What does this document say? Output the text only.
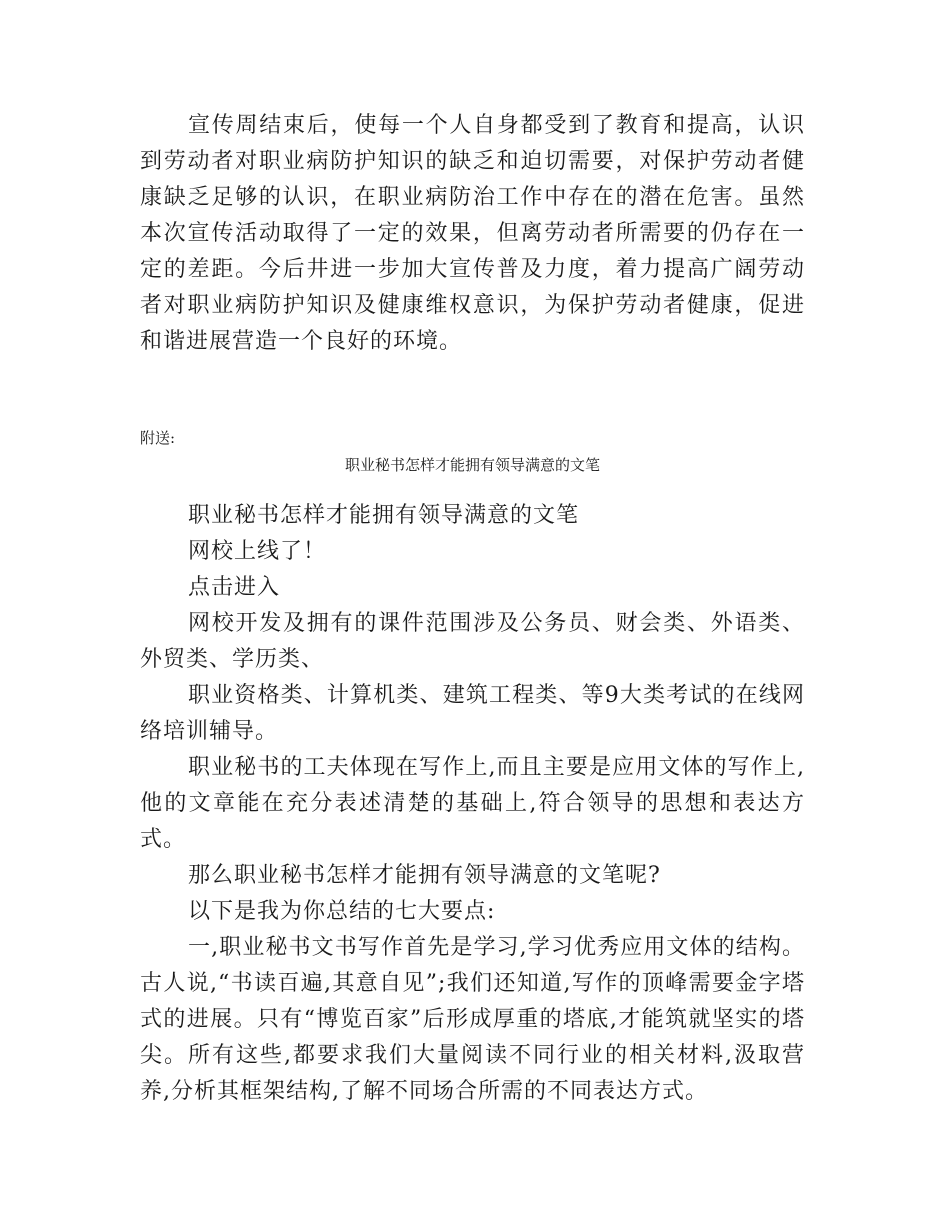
宣传周结束后，使每一个人自身都受到了教育和提高，认识到劳动者对职业病防护知识的缺乏和迫切需要，对保护劳动者健康缺乏足够的认识，在职业病防治工作中存在的潜在危害。虽然本次宣传活动取得了一定的效果，但离劳动者所需要的仍存在一定的差距。今后井进一步加大宣传普及力度，着力提高广阔劳动者对职业病防护知识及健康维权意识，为保护劳动者健康，促进和谐进展营造一个良好的环境。

附送:
职业秘书怎样才能拥有领导满意的文笔

职业秘书怎样才能拥有领导满意的文笔

网校上线了！

点击进入

网校开发及拥有的课件范围涉及公务员、财会类、外语类、外贸类、学历类、

职业资格类、计算机类、建筑工程类、等9大类考试的在线网络培训辅导。

职业秘书的工夫体现在写作上,而且主要是应用文体的写作上,他的文章能在充分表述清楚的基础上,符合领导的思想和表达方式。

那么职业秘书怎样才能拥有领导满意的文笔呢?

以下是我为你总结的七大要点:

一,职业秘书文书写作首先是学习,学习优秀应用文体的结构。古人说,“书读百遍,其意自见”;我们还知道,写作的顶峰需要金字塔式的进展。只有“博览百家”后形成厚重的塔底,才能筑就坚实的塔尖。所有这些,都要求我们大量阅读不同行业的相关材料,汲取营养,分析其框架结构,了解不同场合所需的不同表达方式。
